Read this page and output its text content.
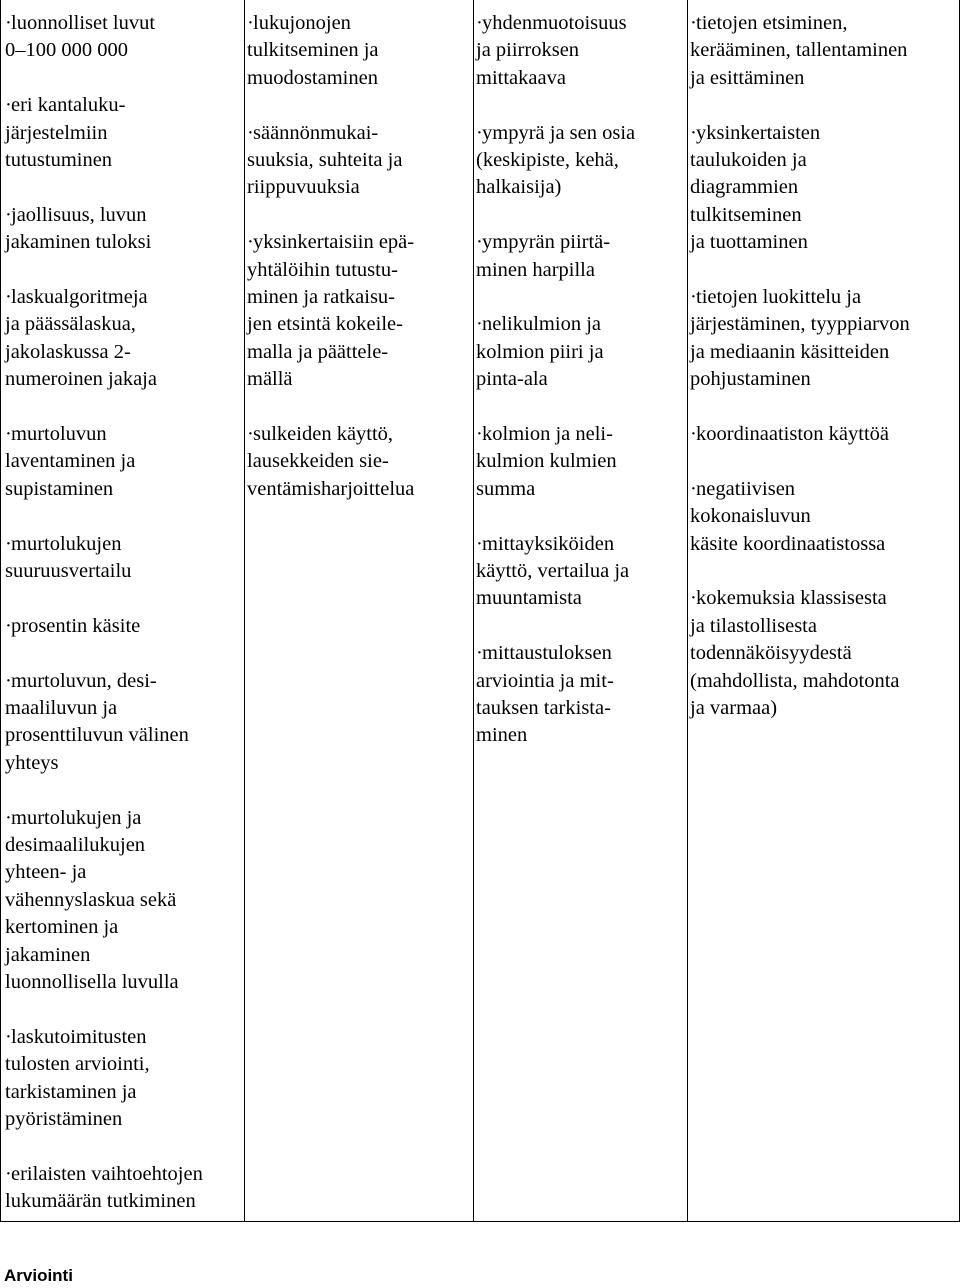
·luonnolliset luvut
0–100 000 000
·eri kantaluku-
järjestelmiin
tutustuminen
·jaollisuus, luvun
jakaminen tuloksi
·laskualgoritmeja
ja päässälaskua,
jakolaskussa 2-
numeroinen jakaja
·murtoluvun
laventaminen ja
supistaminen
·murtolukujen
suuruusvertailu
·prosentin käsite
·murtoluvun, desi-
maaliluvun ja
prosenttiluvun välinen
yhteys
·murtolukujen ja
desimaalilukujen
yhteen- ja
vähennyslaskua sekä
kertominen ja
jakaminen
luonnollisella luvulla
·laskutoimitusten
tulosten arviointi,
tarkistaminen ja
pyöristäminen
·erilaisten vaihtoehtojen
lukumäärän tutkiminen
·lukujonojen
tulkitseminen ja
muodostaminen
·säännönmukai-
suuksia, suhteita ja
riippuvuuksia
·yksinkertaisiin epä-
yhtälöihin tutustu-
minen ja ratkaisu-
jen etsintä kokeile-
malla ja päättele-
mällä
·sulkeiden käyttö,
lausekkeiden sie-
ventämisharjoittelua
·yhdenmuotoisuus
ja piirroksen
mittakaava
·ympyrä ja sen osia
(keskipiste, kehä,
halkaisija)
·ympyrän piirtä-
minen harpilla
·nelikulmion ja
kolmion piiri ja
pinta-ala
·kolmion ja neli-
kulmion kulmien
summa
·mittayksiköiden
käyttö, vertailua ja
muuntamista
·mittaustuloksen
arviointia ja mit-
tauksen tarkista-
minen
·tietojen etsiminen,
kerääminen, tallentaminen
ja esittäminen
·yksinkertaisten
taulukoiden ja
diagrammien
tulkitseminen
ja tuottaminen
·tietojen luokittelu ja
järjestäminen, tyyppiarvon
ja mediaanin käsitteiden
pohjustaminen
·koordinaatiston käyttöä
·negatiivisen
kokonaisluvun
käsite koordinaatistossa
·kokemuksia klassisesta
ja tilastollisesta
todennäköisyydestä
(mahdollista, mahdotonta
ja varmaa)
Arviointi
